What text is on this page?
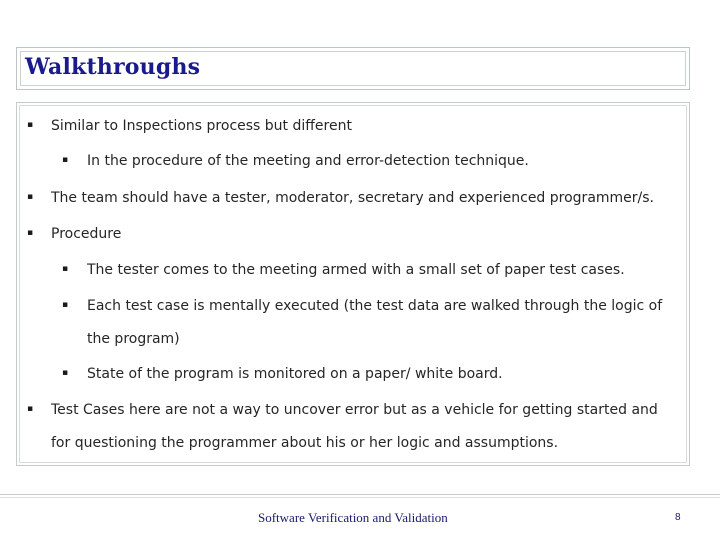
Walkthroughs
▪ Similar to Inspections process but different
▪ In the procedure of the meeting and error-detection technique.
▪ The team should have a tester, moderator, secretary and experienced programmer/s.
▪ Procedure
▪ The tester comes to the meeting armed with a small set of paper test cases.
▪ Each test case is mentally executed (the test data are walked through the logic of
the program)
▪ State of the program is monitored on a paper/ white board.
▪ Test Cases here are not a way to uncover error but as a vehicle for getting started and
for questioning the programmer about his or her logic and assumptions.
Software Verification and Validation	8
